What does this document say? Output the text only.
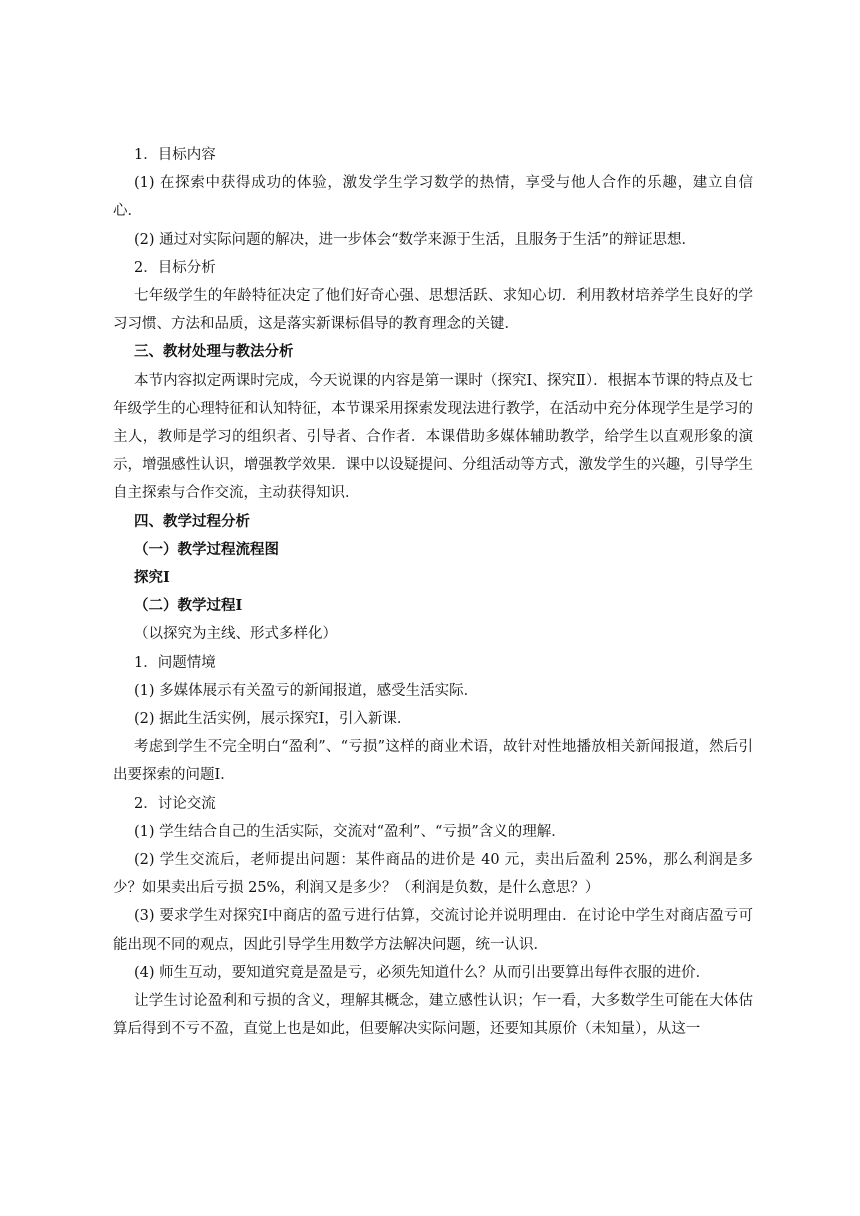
1．目标内容

(1) 在探索中获得成功的体验，激发学生学习数学的热情，享受与他人合作的乐趣，建立自信心．

(2) 通过对实际问题的解决，进一步体会“数学来源于生活，且服务于生活”的辩证思想．

2．目标分析

七年级学生的年龄特征决定了他们好奇心强、思想活跃、求知心切．利用教材培养学生良好的学习习惯、方法和品质，这是落实新课标倡导的教育理念的关键．

三、教材处理与教法分析

本节内容拟定两课时完成，今天说课的内容是第一课时（探究Ⅰ、探究Ⅱ）．根据本节课的特点及七年级学生的心理特征和认知特征，本节课采用探索发现法进行教学，在活动中充分体现学生是学习的主人，教师是学习的组织者、引导者、合作者．本课借助多媒体辅助教学，给学生以直观形象的演示，增强感性认识，增强教学效果．课中以设疑提问、分组活动等方式，激发学生的兴趣，引导学生自主探索与合作交流，主动获得知识．

四、教学过程分析

（一）教学过程流程图

探究Ⅰ

（二）教学过程Ⅰ

（以探究为主线、形式多样化）

1．问题情境

(1) 多媒体展示有关盈亏的新闻报道，感受生活实际．

(2) 据此生活实例，展示探究Ⅰ，引入新课．

考虑到学生不完全明白“盈利”、“亏损”这样的商业术语，故针对性地播放相关新闻报道，然后引出要探索的问题Ⅰ．

2．讨论交流

(1) 学生结合自己的生活实际，交流对“盈利”、“亏损”含义的理解．

(2) 学生交流后，老师提出问题：某件商品的进价是 40 元，卖出后盈利 25%，那么利润是多少？如果卖出后亏损 25%，利润又是多少？（利润是负数，是什么意思？）

(3) 要求学生对探究Ⅰ中商店的盈亏进行估算，交流讨论并说明理由．在讨论中学生对商店盈亏可能出现不同的观点，因此引导学生用数学方法解决问题，统一认识．

(4) 师生互动，要知道究竟是盈是亏，必须先知道什么？从而引出要算出每件衣服的进价．

让学生讨论盈利和亏损的含义，理解其概念，建立感性认识；乍一看，大多数学生可能在大体估算后得到不亏不盈，直觉上也是如此，但要解决实际问题，还要知其原价（未知量），从这一
